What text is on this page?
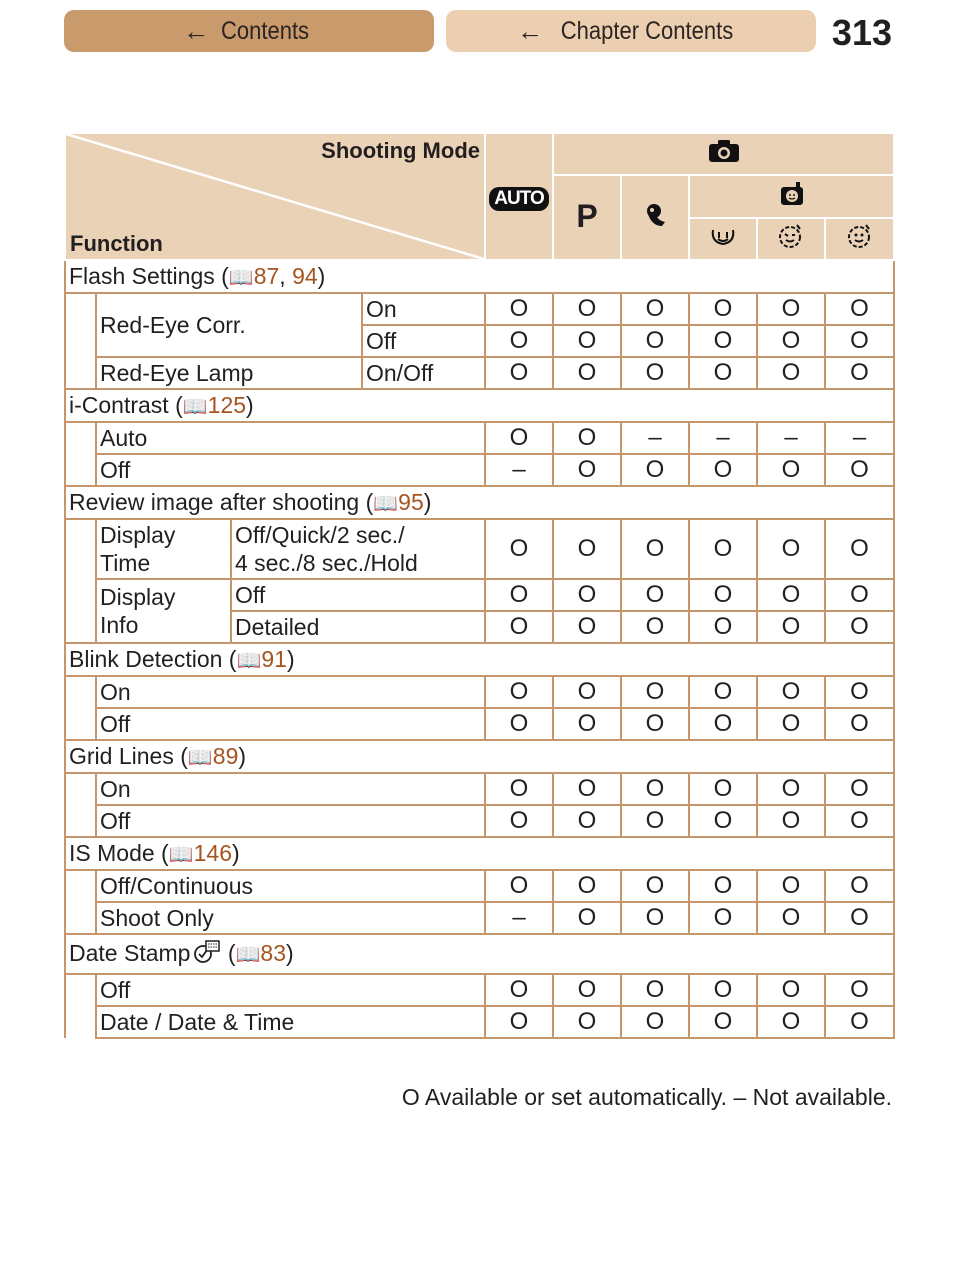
← Contents	← Chapter Contents	313
Shooting Mode
Function				AUTO	
					P		

Flash Settings (📖87, 94)									
	Red-Eye Corr.		On	O	O	O	O	O	O
			Off	O	O	O	O	O	O
	Red-Eye Lamp		On/Off	O	O	O	O	O	O
i-Contrast (📖125)									
	Auto			O	O	–	–	–	–
	Off			–	O	O	O	O	O
Review image after shooting (📖95)									
	Display
Time	Off/Quick/2 sec./
4 sec./8 sec./Hold		O	O	O	O	O	O
	Display
Info	Off		O	O	O	O	O	O
		Detailed		O	O	O	O	O	O
Blink Detection (📖91)									
	On			O	O	O	O	O	O
	Off			O	O	O	O	O	O
Grid Lines (📖89)									
	On			O	O	O	O	O	O
	Off			O	O	O	O	O	O
IS Mode (📖146)									
	Off/Continuous			O	O	O	O	O	O
	Shoot Only			–	O	O	O	O	O
Date Stamp (📖83)									
	Off			O	O	O	O	O	O
	Date / Date & Time			O	O	O	O	O	O
O Available or set automatically. – Not available.
